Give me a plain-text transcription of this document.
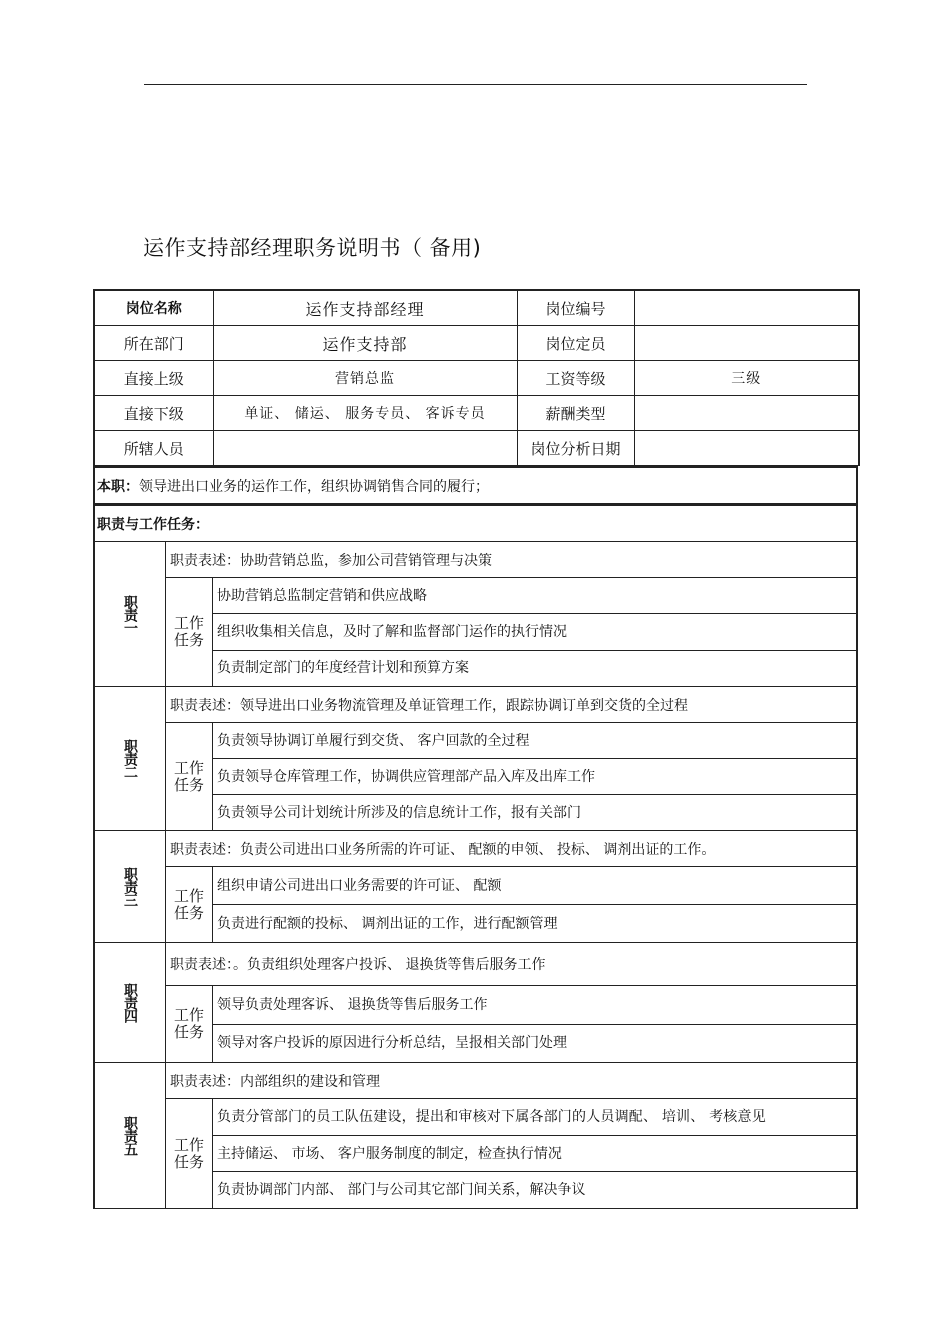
运作支持部经理职务说明书（ 备用)
岗位名称	运作支持部经理	岗位编号	
所在部门	运作支持部	岗位定员	
直接上级	营销总监	工资等级	三级
直接下级	单证、 储运、 服务专员、 客诉专员	薪酬类型	
所辖人员		岗位分析日期	
本职： 领导进出口业务的运作工作，组织协调销售合同的履行；
职责与工作任务：
职责一
职责表述：协助营销总监，参加公司营销管理与决策
工作
任务
协助营销总监制定营销和供应战略
组织收集相关信息，及时了解和监督部门运作的执行情况
负责制定部门的年度经营计划和预算方案
职责二
职责表述：领导进出口业务物流管理及单证管理工作，跟踪协调订单到交货的全过程
工作
任务
负责领导协调订单履行到交货、 客户回款的全过程
负责领导仓库管理工作，协调供应管理部产品入库及出库工作
负责领导公司计划统计所涉及的信息统计工作，报有关部门
职责三
职责表述：负责公司进出口业务所需的许可证、 配额的申领、 投标、 调剂出证的工作。
工作
任务
组织申请公司进出口业务需要的许可证、 配额
负责进行配额的投标、 调剂出证的工作，进行配额管理
职责四
职责表述：。负责组织处理客户投诉、 退换货等售后服务工作
工作
任务
领导负责处理客诉、 退换货等售后服务工作
领导对客户投诉的原因进行分析总结，呈报相关部门处理
职责五
职责表述：内部组织的建设和管理
工作
任务
负责分管部门的员工队伍建设，提出和审核对下属各部门的人员调配、 培训、 考核意见
主持储运、 市场、 客户服务制度的制定，检查执行情况
负责协调部门内部、 部门与公司其它部门间关系，解决争议
